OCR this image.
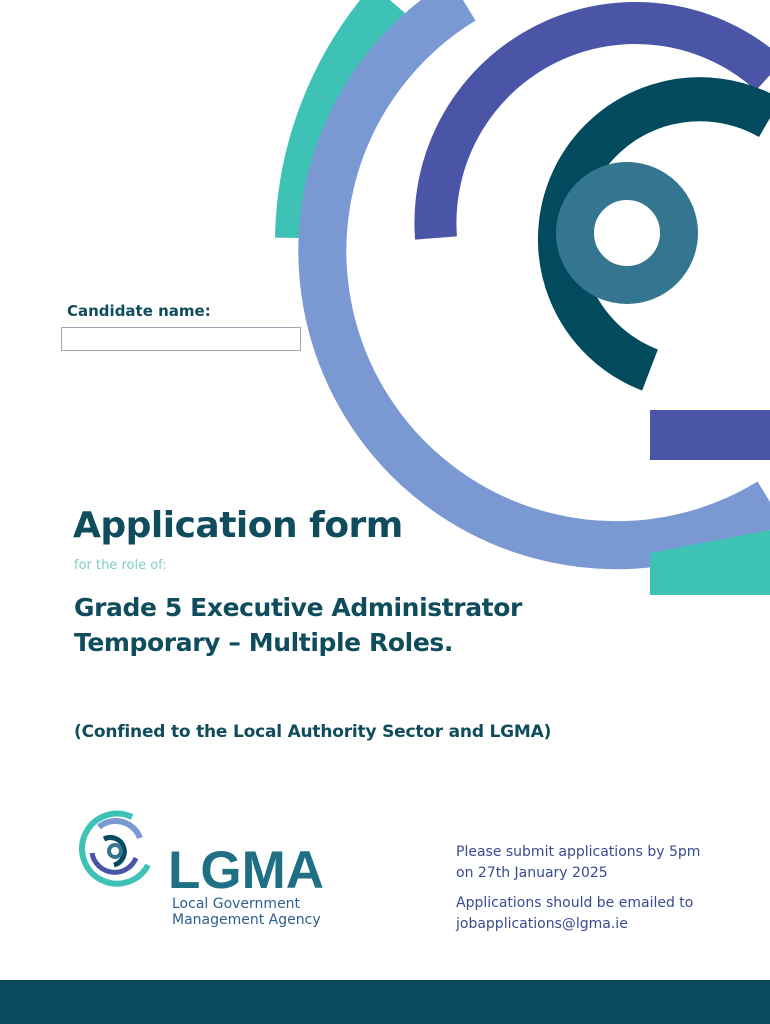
Candidate name:
Application form
for the role of:
Grade 5 Executive Administrator
Temporary – Multiple Roles.
(Confined to the Local Authority Sector and LGMA)
LGMA
Local Government
Management Agency
Please submit applications by 5pm
on 27th January 2025
Applications should be emailed to
jobapplications@lgma.ie
